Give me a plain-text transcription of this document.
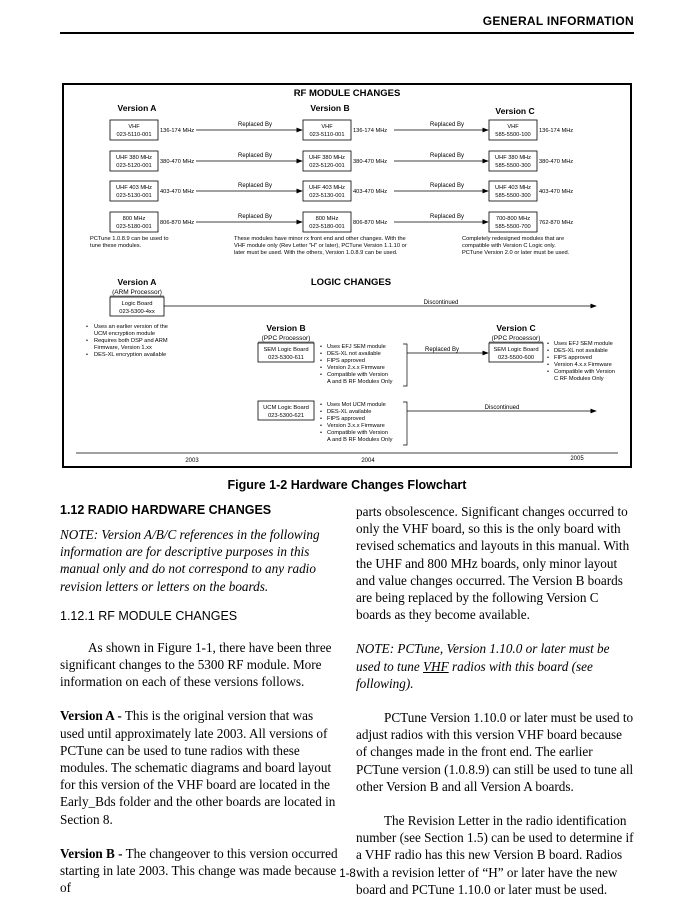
GENERAL INFORMATION
RF MODULE CHANGES
Version A	Version B	Version C
VHF
023-5110-001
136-174 MHz
VHF
023-5110-001
136-174 MHz
VHF
585-5500-100
136-174 MHz
Replaced By	Replaced By
UHF 380 MHz
023-5120-001
380-470 MHz
UHF 380 MHz
023-5120-001
380-470 MHz
UHF 380 MHz
585-5500-300
380-470 MHz
Replaced By	Replaced By
UHF 403 MHz
023-5130-001
403-470 MHz
UHF 403 MHz
023-5130-001
403-470 MHz
UHF 403 MHz
585-5500-300
403-470 MHz
Replaced By	Replaced By
800 MHz
023-5180-001
806-870 MHz
800 MHz
023-5180-001
806-870 MHz
700-800 MHz
585-5500-700
762-870 MHz
Replaced By	Replaced By
PCTune 1.0.8.9 can be used to
tune these modules.
These modules have minor rx front end and other changes. With the
VHF module only (Rev Letter "H" or later), PCTune Version 1.1.10 or
later must be used. With the others, Version 1.0.8.9 can be used.
Completely redesigned modules that are
compatible with Version C Logic only.
PCTune Version 2.0 or later must be used.
LOGIC CHANGES
Version A
(ARM Processor)
Logic Board
023-5300-4xx
Discontinued
• Uses an earlier version of the
UCM encryption module
• Requires both DSP and ARM
Firmware, Version 1.xx
• DES-XL encryption available
Version B
(PPC Processor)
SEM Logic Board
023-5300-611
• Uses EFJ SEM module
• DES-XL not available
• FIPS approved
• Version 2.x.x Firmware
• Compatible with Version
A and B RF Modules Only
Replaced By
UCM Logic Board
023-5300-621
• Uses Mot UCM module
• DES-XL available
• FIPS approved
• Version 3.x.x Firmware
• Compatible with Version
A and B RF Modules Only
Discontinued
Version C
(PPC Processor)
SEM Logic Board
023-5500-600
• Uses EFJ SEM module
• DES-XL not available
• FIPS approved
• Version 4.x.x Firmware
• Compatible with Version
C RF Modules Only
2003	2004	2005
Figure 1-2 Hardware Changes Flowchart

1.12 RADIO HARDWARE CHANGES

NOTE: Version A/B/C references in the following information are for descriptive purposes in this manual only and do not correspond to any radio revision letters or letters on the boards.

1.12.1 RF MODULE CHANGES

As shown in Figure 1-1, there have been three significant changes to the 5300 RF module. More information on each of these versions follows.

Version A - This is the original version that was used until approximately late 2003. All versions of PCTune can be used to tune radios with these modules. The schematic diagrams and board layout for this version of the VHF board are located in the Early_Bds folder and the other boards are located in Section 8.

Version B - The changeover to this version occurred starting in late 2003. This change was made because of

parts obsolescence. Significant changes occurred to only the VHF board, so this is the only board with revised schematics and layouts in this manual. With the UHF and 800 MHz boards, only minor layout and value changes occurred. The Version B boards are being replaced by the following Version C boards as they become available.

NOTE: PCTune, Version 1.10.0 or later must be used to tune VHF radios with this board (see following).

PCTune Version 1.10.0 or later must be used to adjust radios with this version VHF board because of changes made in the front end. The earlier PCTune version (1.0.8.9) can still be used to tune all other Version B and all Version A boards.

The Revision Letter in the radio identification number (see Section 1.5) can be used to determine if a VHF radio has this new Version B board. Radios with a revision letter of “H” or later have the new board and PCTune 1.10.0 or later must be used.

1-8
